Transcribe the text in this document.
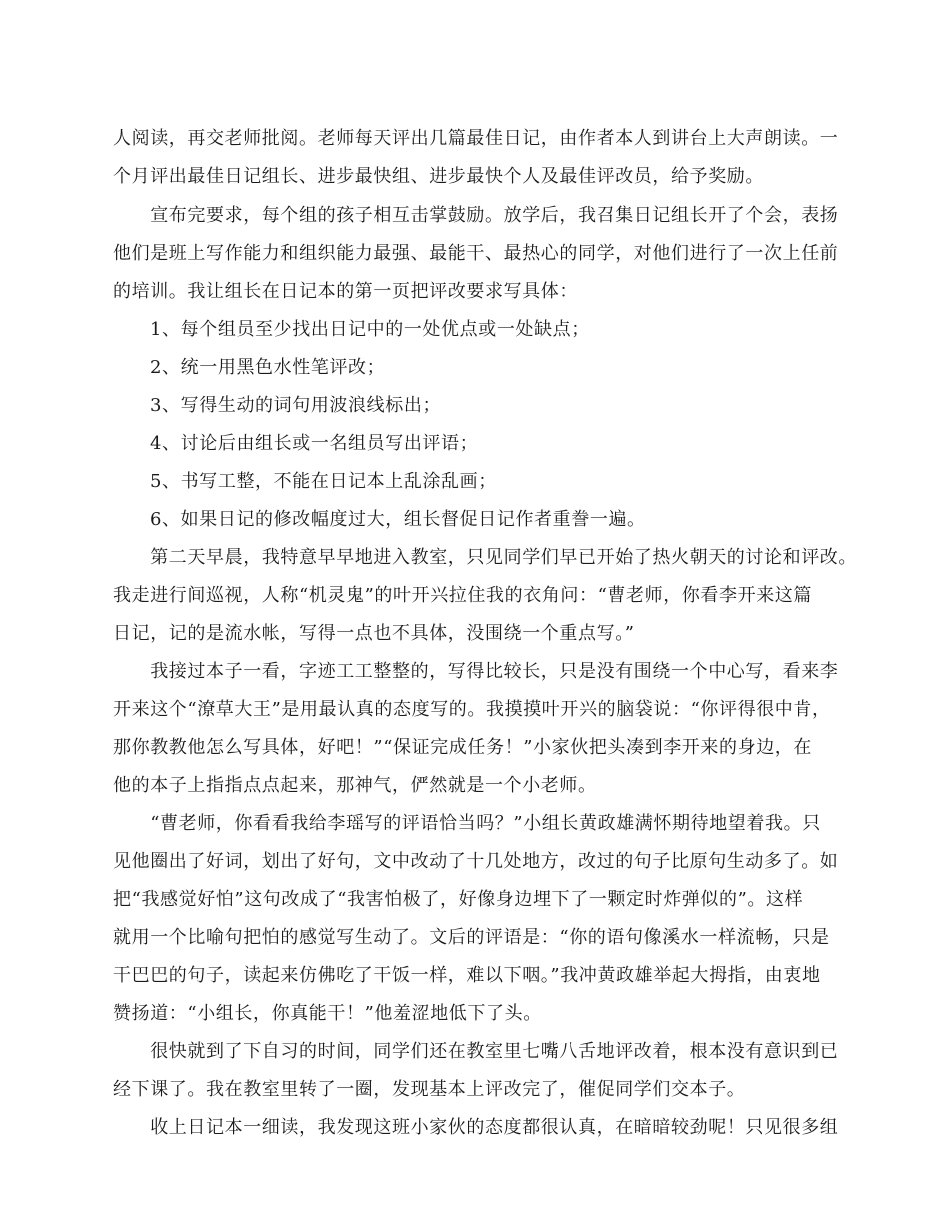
人阅读，再交老师批阅。老师每天评出几篇最佳日记，由作者本人到讲台上大声朗读。一
个月评出最佳日记组长、进步最快组、进步最快个人及最佳评改员，给予奖励。
　　宣布完要求，每个组的孩子相互击掌鼓励。放学后，我召集日记组长开了个会，表扬
他们是班上写作能力和组织能力最强、最能干、最热心的同学，对他们进行了一次上任前
的培训。我让组长在日记本的第一页把评改要求写具体：
1、每个组员至少找出日记中的一处优点或一处缺点；
2、统一用黑色水性笔评改；
3、写得生动的词句用波浪线标出；
4、讨论后由组长或一名组员写出评语；
5、书写工整，不能在日记本上乱涂乱画；
6、如果日记的修改幅度过大，组长督促日记作者重誊一遍。
　　第二天早晨，我特意早早地进入教室，只见同学们早已开始了热火朝天的讨论和评改。
我走进行间巡视，人称“机灵鬼”的叶开兴拉住我的衣角问：“曹老师，你看李开来这篇
日记，记的是流水帐，写得一点也不具体，没围绕一个重点写。”
　　我接过本子一看，字迹工工整整的，写得比较长，只是没有围绕一个中心写，看来李
开来这个“潦草大王”是用最认真的态度写的。我摸摸叶开兴的脑袋说：“你评得很中肯，
那你教教他怎么写具体，好吧！”“保证完成任务！”小家伙把头凑到李开来的身边，在
他的本子上指指点点起来，那神气，俨然就是一个小老师。
　　“曹老师，你看看我给李瑶写的评语恰当吗？”小组长黄政雄满怀期待地望着我。只
见他圈出了好词，划出了好句，文中改动了十几处地方，改过的句子比原句生动多了。如
把“我感觉好怕”这句改成了“我害怕极了，好像身边埋下了一颗定时炸弹似的”。这样
就用一个比喻句把怕的感觉写生动了。文后的评语是：“你的语句像溪水一样流畅，只是
干巴巴的句子，读起来仿佛吃了干饭一样，难以下咽。”我冲黄政雄举起大拇指，由衷地
赞扬道：“小组长，你真能干！”他羞涩地低下了头。
　　很快就到了下自习的时间，同学们还在教室里七嘴八舌地评改着，根本没有意识到已
经下课了。我在教室里转了一圈，发现基本上评改完了，催促同学们交本子。
　　收上日记本一细读，我发现这班小家伙的态度都很认真，在暗暗较劲呢！只见很多组
